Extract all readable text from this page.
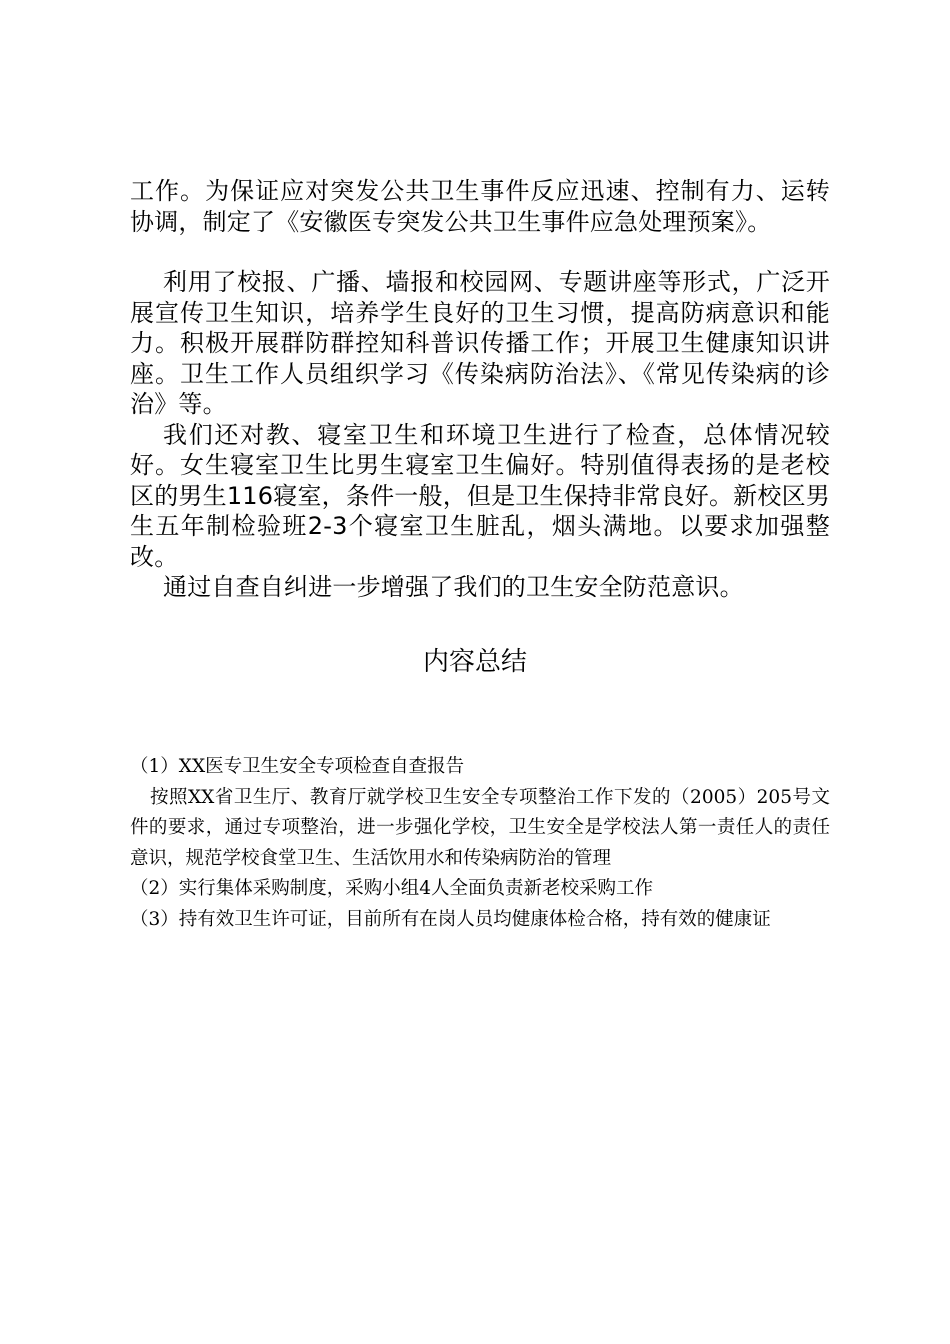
工作。为保证应对突发公共卫生事件反应迅速、控制有力、运转协调，制定了《安徽医专突发公共卫生事件应急处理预案》。

利用了校报、广播、墙报和校园网、专题讲座等形式，广泛开展宣传卫生知识，培养学生良好的卫生习惯，提高防病意识和能力。积极开展群防群控知科普识传播工作；开展卫生健康知识讲座。卫生工作人员组织学习《传染病防治法》、《常见传染病的诊治》等。

我们还对教、寝室卫生和环境卫生进行了检查，总体情况较好。女生寝室卫生比男生寝室卫生偏好。特别值得表扬的是老校区的男生116寝室，条件一般，但是卫生保持非常良好。新校区男生五年制检验班2-3个寝室卫生脏乱，烟头满地。以要求加强整改。

通过自查自纠进一步增强了我们的卫生安全防范意识。

内容总结

（1）XX医专卫生安全专项检查自查报告

按照XX省卫生厅、教育厅就学校卫生安全专项整治工作下发的（2005）205号文件的要求，通过专项整治，进一步强化学校，卫生安全是学校法人第一责任人的责任意识，规范学校食堂卫生、生活饮用水和传染病防治的管理

（2）实行集体采购制度，采购小组4人全面负责新老校采购工作

（3）持有效卫生许可证，目前所有在岗人员均健康体检合格，持有效的健康证
